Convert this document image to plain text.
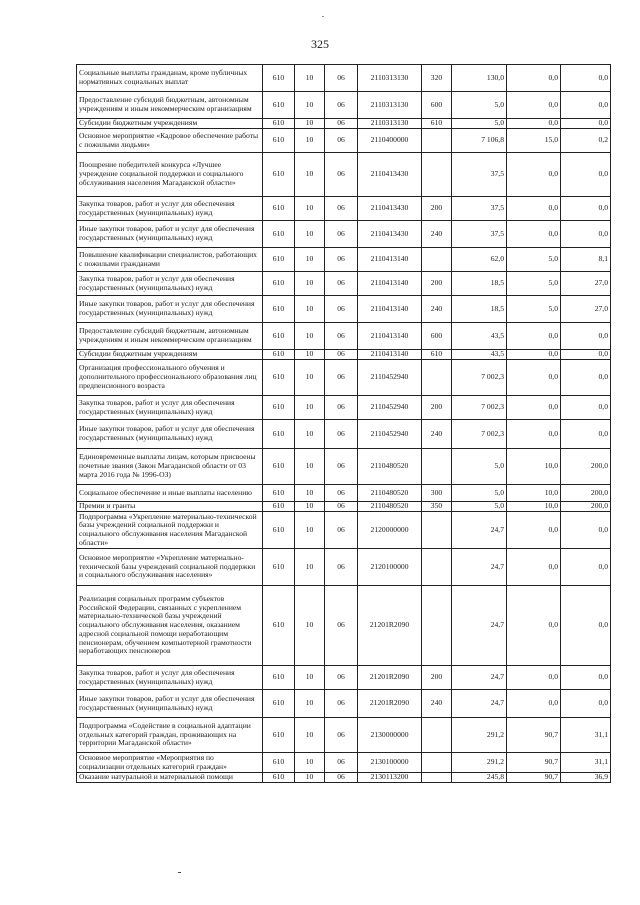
325
Социальные выплаты гражданам, кроме публичных нормативных социальных выплат	610	10	06	2110313130	320	130,0	0,0	0,0
Предоставление субсидий бюджетным, автономным учреждениям и иным некоммерческим организациям	610	10	06	2110313130	600	5,0	0,0	0,0
Субсидии бюджетным учреждениям	610	10	06	2110313130	610	5,0	0,0	0,0
Основное мероприятие «Кадровое обеспечение работы с пожилыми людьми»	610	10	06	2110400000		7 106,8	15,0	0,2
Поощрение победителей конкурса «Лучшее учреждение социальной поддержки и социального обслуживания населения Магаданской области»	610	10	06	2110413430		37,5	0,0	0,0
Закупка товаров, работ и услуг для обеспечения государственных (муниципальных) нужд	610	10	06	2110413430	200	37,5	0,0	0,0
Иные закупки товаров, работ и услуг для обеспечения государственных (муниципальных) нужд	610	10	06	2110413430	240	37,5	0,0	0,0
Повышение квалификации специалистов, работающих с пожилыми гражданами	610	10	06	2110413140		62,0	5,0	8,1
Закупка товаров, работ и услуг для обеспечения государственных (муниципальных) нужд	610	10	06	2110413140	200	18,5	5,0	27,0
Иные закупки товаров, работ и услуг для обеспечения государственных (муниципальных) нужд	610	10	06	2110413140	240	18,5	5,0	27,0
Предоставление субсидий бюджетным, автономным учреждениям и иным некоммерческим организациям	610	10	06	2110413140	600	43,5	0,0	0,0
Субсидии бюджетным учреждениям	610	10	06	2110413140	610	43,5	0,0	0,0
Организация профессионального обучения и дополнительного профессионального образования лиц предпенсионного возраста	610	10	06	2110452940		7 002,3	0,0	0,0
Закупка товаров, работ и услуг для обеспечения государственных (муниципальных) нужд	610	10	06	2110452940	200	7 002,3	0,0	0,0
Иные закупки товаров, работ и услуг для обеспечения государственных (муниципальных) нужд	610	10	06	2110452940	240	7 002,3	0,0	0,0
Единовременные выплаты лицам, которым присвоены почетные звания (Закон Магаданской области от 03 марта 2016 года № 1996-ОЗ)	610	10	06	2110480520		5,0	10,0	200,0
Социальное обеспечение и иные выплаты населению	610	10	06	2110480520	300	5,0	10,0	200,0
Премии и гранты	610	10	06	2110480520	350	5,0	10,0	200,0
Подпрограмма «Укрепление материально-технической базы учреждений социальной поддержки и социального обслуживания населения Магаданской области»	610	10	06	2120000000		24,7	0,0	0,0
Основное мероприятие «Укрепление материально-технической базы учреждений социальной поддержки и социального обслуживания населения»	610	10	06	2120100000		24,7	0,0	0,0
Реализация социальных программ субъектов Российской Федерации, связанных с укреплением материально-технической базы учреждений социального обслуживания населения, оказанием адресной социальной помощи неработающим пенсионерам, обучением компьютерной грамотности неработающих пенсионеров	610	10	06	21201R2090		24,7	0,0	0,0
Закупка товаров, работ и услуг для обеспечения государственных (муниципальных) нужд	610	10	06	21201R2090	200	24,7	0,0	0,0
Иные закупки товаров, работ и услуг для обеспечения государственных (муниципальных) нужд	610	10	06	21201R2090	240	24,7	0,0	0,0
Подпрограмма «Содействие в социальной адаптации отдельных категорий граждан, проживающих на территории Магаданской области»	610	10	06	2130000000		291,2	90,7	31,1
Основное мероприятие «Мероприятия по социализации отдельных категорий граждан»	610	10	06	2130100000		291,2	90,7	31,1
Оказание натуральной и материальной помощи	610	10	06	2130113200		245,8	90,7	36,9
